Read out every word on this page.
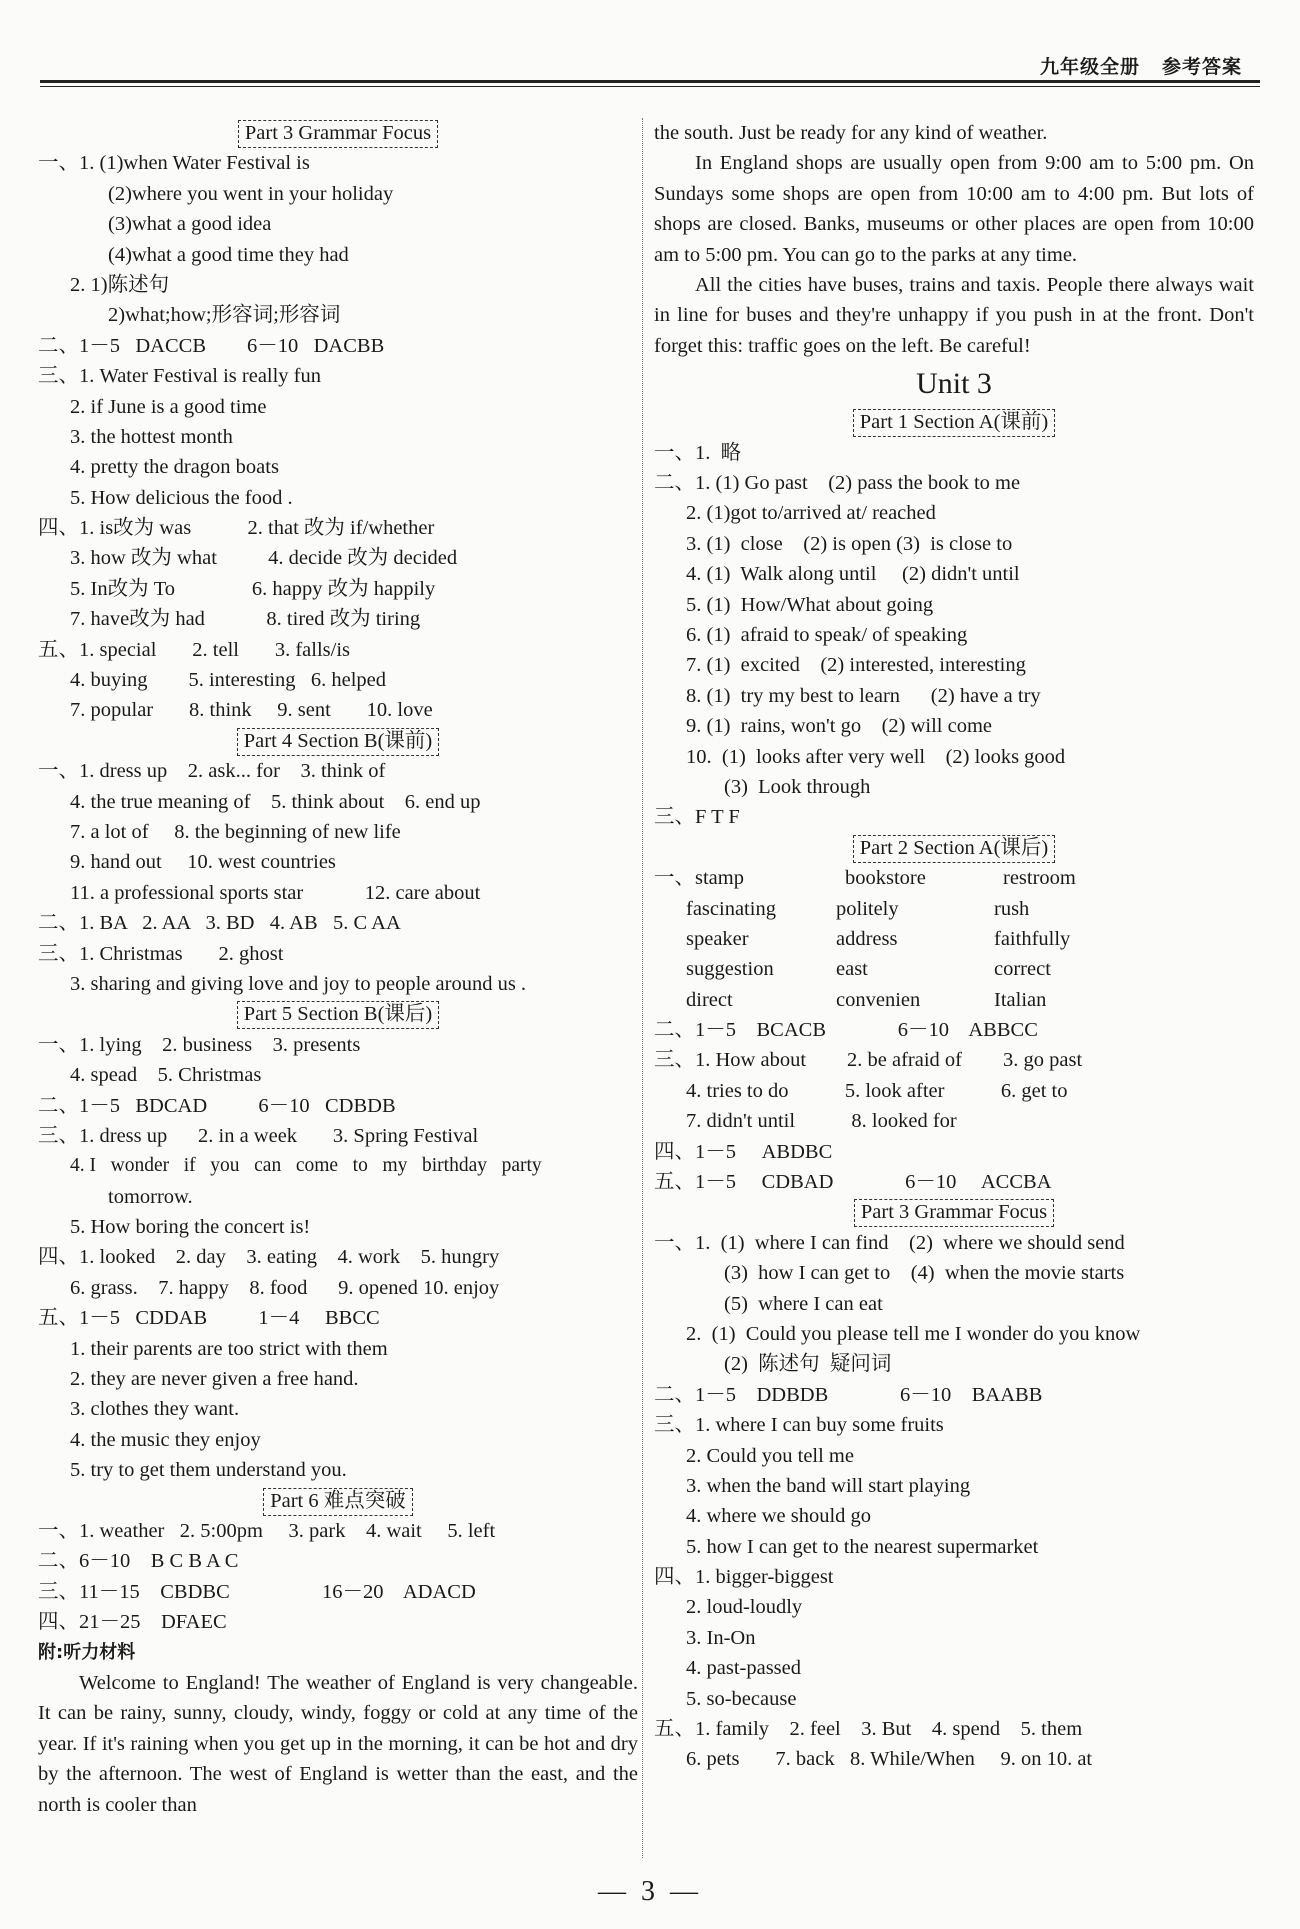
九年级全册 参考答案
Part 3 Grammar Focus
一、1. (1)when Water Festival is
(2)where you went in your holiday
(3)what a good idea
(4)what a good time they had
2. 1)陈述句
2)what;how;形容词;形容词
二、1－5   DACCB        6－10   DACBB
三、1. Water Festival is really fun
2. if June is a good time
3. the hottest month
4. pretty the dragon boats
5. How delicious the food .
四、1. is改为 was           2. that 改为 if/whether
3. how 改为 what          4. decide 改为 decided
5. In改为 To               6. happy 改为 happily
7. have改为 had            8. tired 改为 tiring
五、1. special       2. tell       3. falls/is
4. buying        5. interesting   6. helped
7. popular       8. think     9. sent       10. love
Part 4 Section B(课前)
一、1. dress up    2. ask... for    3. think of
4. the true meaning of    5. think about    6. end up
7. a lot of     8. the beginning of new life
9. hand out     10. west countries
11. a professional sports star            12. care about
二、1. BA   2. AA   3. BD   4. AB   5. C AA
三、1. Christmas       2. ghost
3. sharing and giving love and joy to people around us .
Part 5 Section B(课后)
一、1. lying    2. business    3. presents
4. spead    5. Christmas
二、1－5   BDCAD          6－10   CDBDB
三、1. dress up      2. in a week       3. Spring Festival
4. I   wonder   if   you   can   come   to   my   birthday   party
tomorrow.
5. How boring the concert is!
四、1. looked    2. day    3. eating    4. work    5. hungry
6. grass.    7. happy    8. food      9. opened 10. enjoy
五、1－5   CDDAB          1－4     BBCC
1. their parents are too strict with them
2. they are never given a free hand.
3. clothes they want.
4. the music they enjoy
5. try to get them understand you.
Part 6 难点突破
一、1. weather   2. 5:00pm     3. park    4. wait     5. left
二、6－10    B C B A C
三、11－15    CBDBC                  16－20    ADACD
四、21－25    DFAEC
附:听力材料

Welcome to England! The weather of England is very changeable. It can be rainy, sunny, cloudy, windy, foggy or cold at any time of the year. If it's raining when you get up in the morning, it can be hot and dry by the afternoon. The west of England is wetter than the east, and the north is cooler than

the south. Just be ready for any kind of weather.

In England shops are usually open from 9:00 am to 5:00 pm. On Sundays some shops are open from 10:00 am to 4:00 pm. But lots of shops are closed. Banks, museums or other places are open from 10:00 am to 5:00 pm. You can go to the parks at any time.

All the cities have buses, trains and taxis. People there always wait in line for buses and they're unhappy if you push in at the front. Don't forget this: traffic goes on the left. Be careful!

Unit 3
Part 1 Section A(课前)
一、1.  略
二、1. (1) Go past    (2) pass the book to me
2. (1)got to/arrived at/ reached
3. (1)  close    (2) is open (3)  is close to
4. (1)  Walk along until     (2) didn't until
5. (1)  How/What about going
6. (1)  afraid to speak/ of speaking
7. (1)  excited    (2) interested, interesting
8. (1)  try my best to learn      (2) have a try
9. (1)  rains, won't go    (2) will come
10.  (1)  looks after very well    (2) looks good
(3)  Look through
三、F T F
Part 2 Section A(课后)
一、stamp	bookstore	restroom
fascinating	politely	rush
speaker	address	faithfully
suggestion	east	correct
direct	convenien	Italian
二、1－5    BCACB              6－10    ABBCC
三、1. How about        2. be afraid of        3. go past
4. tries to do           5. look after           6. get to
7. didn't until           8. looked for
四、1－5     ABDBC
五、1－5     CDBAD              6－10     ACCBA
Part 3 Grammar Focus
一、1.  (1)  where I can find    (2)  where we should send
(3)  how I can get to    (4)  when the movie starts
(5)  where I can eat
2.  (1)  Could you please tell me I wonder do you know
(2)  陈述句  疑问词
二、1－5    DDBDB              6－10    BAABB
三、1. where I can buy some fruits
2. Could you tell me
3. when the band will start playing
4. where we should go
5. how I can get to the nearest supermarket
四、1. bigger-biggest
2. loud-loudly
3. In-On
4. past-passed
5. so-because
五、1. family    2. feel    3. But    4. spend    5. them
6. pets       7. back   8. While/When     9. on 10. at
— 3 —
